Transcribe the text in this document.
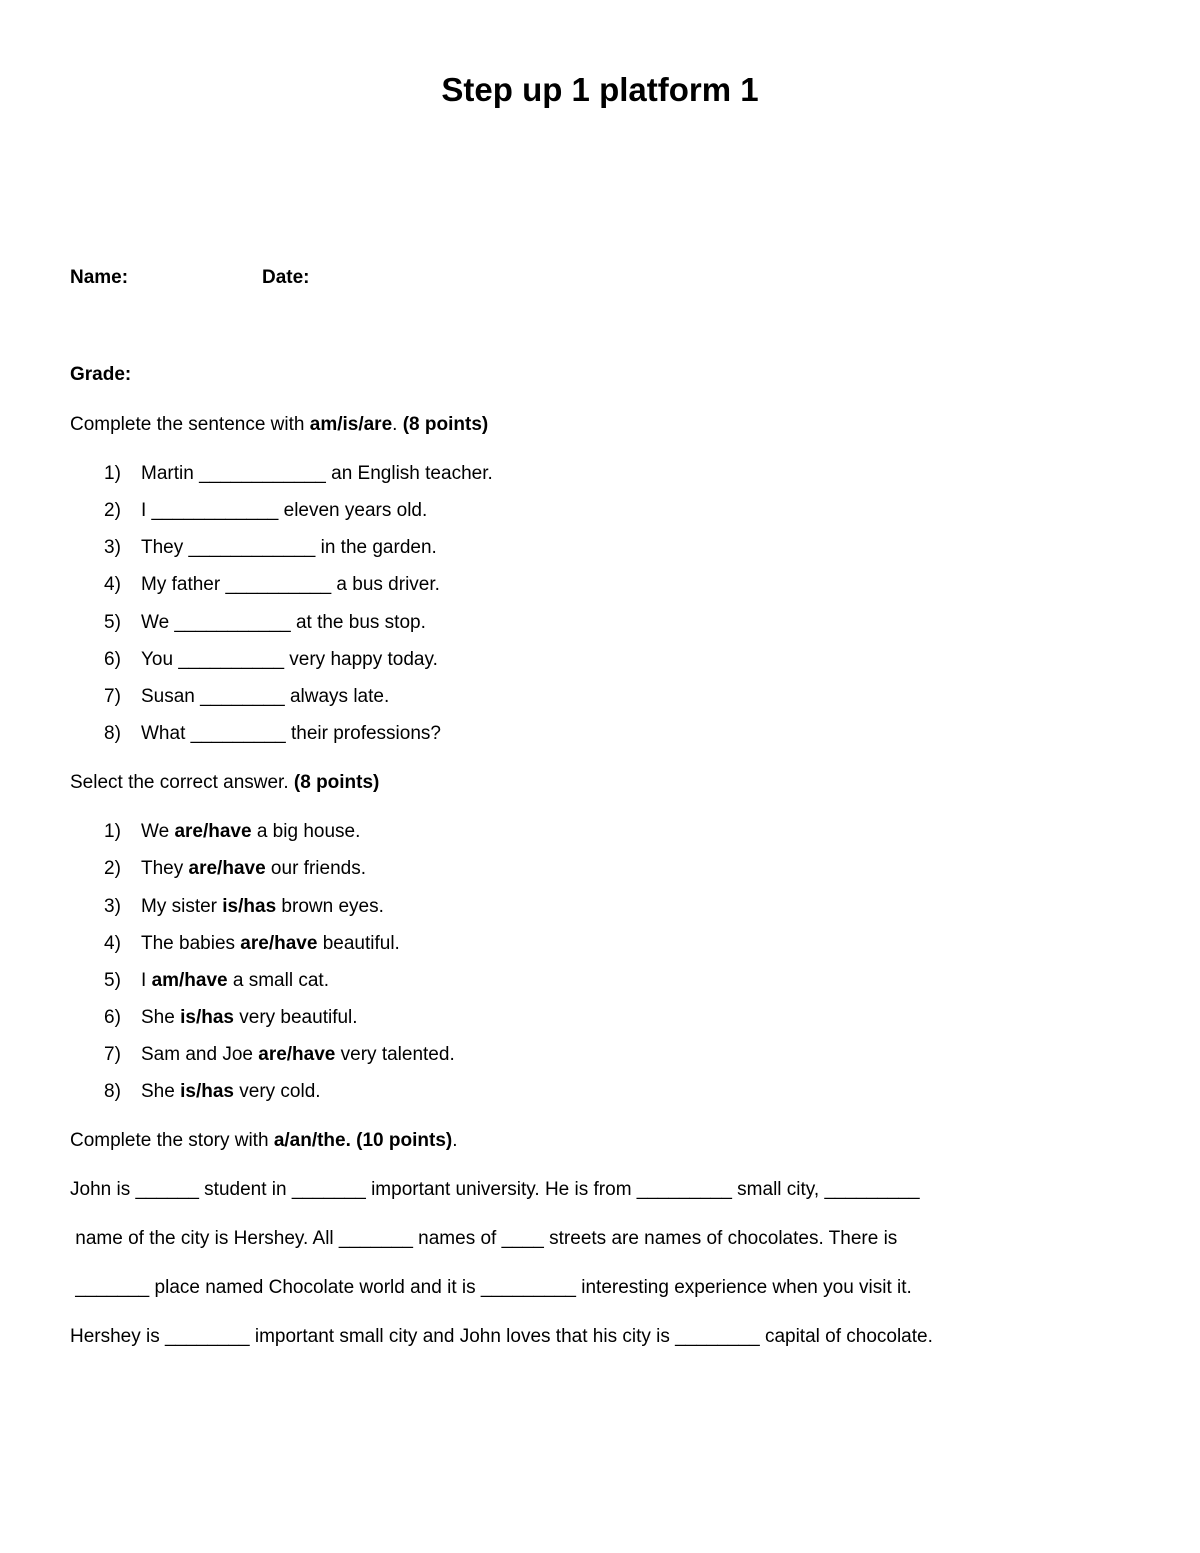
Step up 1 platform 1
Name:	Date:
Grade:
Complete the sentence with am/is/are. (8 points)
1) Martin ____________ an English teacher.
2) I ____________ eleven years old.
3) They ____________ in the garden.
4) My father __________ a bus driver.
5) We ___________ at the bus stop.
6) You __________ very happy today.
7) Susan ________ always late.
8) What _________ their professions?
Select the correct answer. (8 points)
1) We are/have a big house.
2) They are/have our friends.
3) My sister is/has brown eyes.
4) The babies are/have beautiful.
5) I am/have a small cat.
6) She is/has very beautiful.
7) Sam and Joe are/have very talented.
8) She is/has very cold.
Complete the story with a/an/the. (10 points).
John is ______ student in _______ important university. He is from _________ small city, _________
name of the city is Hershey. All _______ names of ____ streets are names of chocolates. There is
_______ place named Chocolate world and it is _________ interesting experience when you visit it.
Hershey is ________ important small city and John loves that his city is ________ capital of chocolate.
